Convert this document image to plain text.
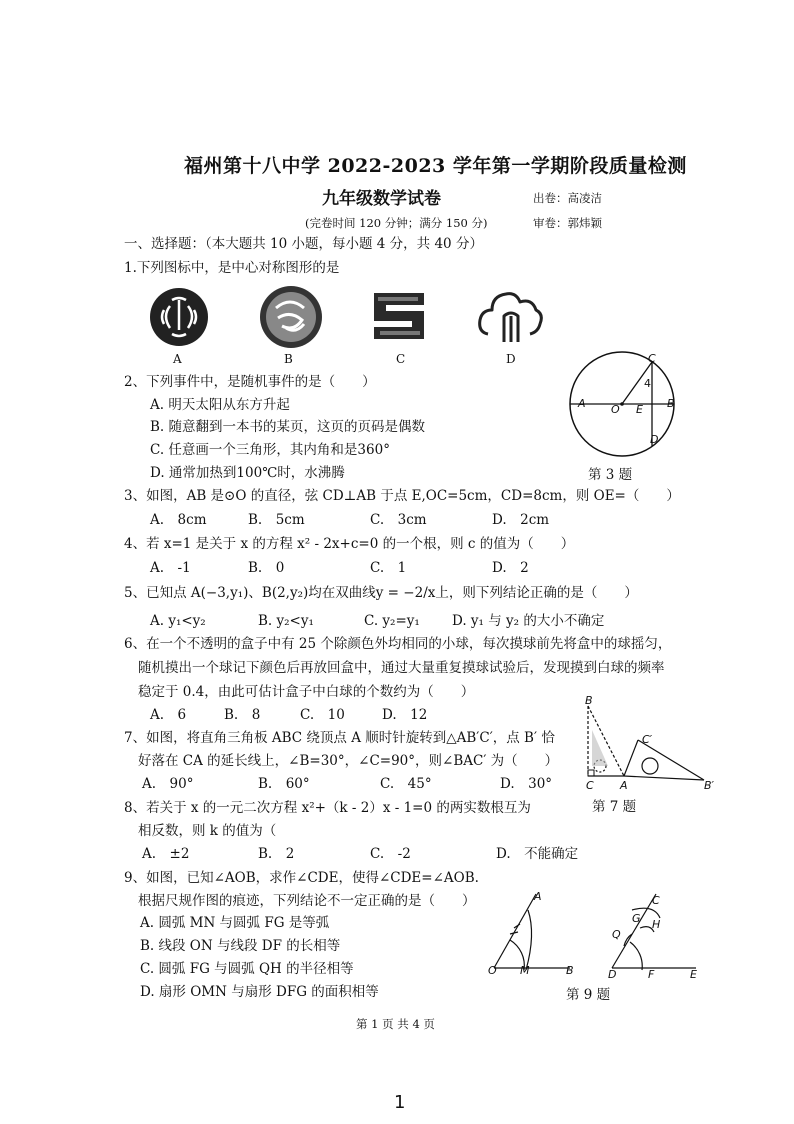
福州第十八中学 2022-2023 学年第一学期阶段质量检测
九年级数学试卷	出卷：高凌洁
(完卷时间 120 分钟；满分 150 分)	审卷：郭炜颖
一、选择题：（本大题共 10 小题，每小题 4 分，共 40 分）
1.下列图标中，是中心对称图形的是
A	B	C	D
2、下列事件中，是随机事件的是（　　）
A. 明天太阳从东方升起
B. 随意翻到一本书的某页，这页的页码是偶数
C. 任意画一个三角形，其内角和是360°
D. 通常加热到100℃时，水沸腾
C
A O E B
D
4
第 3 题
3、如图，AB 是⊙O 的直径，弦 CD⊥AB 于点 E,OC=5cm，CD=8cm，则 OE=（　　）
A.　8cm	B.　5cm	C.　3cm	D.　2cm
4、若 x=1 是关于 x 的方程 x² - 2x+c=0 的一个根，则 c 的值为（　　）
A.　-1	B.　0	C.　1	D.　2
5、已知点 A(−3,y₁)、B(2,y₂)均在双曲线y = −2/x上，则下列结论正确的是（　　）
A. y₁<y₂	B. y₂<y₁	C. y₂=y₁ D. y₁ 与 y₂ 的大小不确定
6、在一个不透明的盒子中有 25 个除颜色外均相同的小球，每次摸球前先将盒中的球摇匀，
随机摸出一个球记下颜色后再放回盒中，通过大量重复摸球试验后，发现摸到白球的频率
稳定于 0.4，由此可估计盒子中白球的个数约为（　　）
A.　6	B.　8	C.　10	D.　12
B
C′
C A	B′
第 7 题
7、如图，将直角三角板 ABC 绕顶点 A 顺时针旋转到△AB′C′，点 B′ 恰
好落在 CA 的延长线上，∠B=30°，∠C=90°，则∠BAC′ 为（　　）
A.　90°	B.　60°	C.　45°	D.　30°
8、若关于 x 的一元二次方程 x²+（k - 2）x - 1=0 的两实数根互为
相反数，则 k 的值为（
A.　±2	B.　2	C.　-2	D.　不能确定
9、如图，已知∠AOB，求作∠CDE，使得∠CDE=∠AOB.
根据尺规作图的痕迹，下列结论不一定正确的是（　　）
A. 圆弧 MN 与圆弧 FG 是等弧
B. 线段 ON 与线段 DF 的长相等
C. 圆弧 FG 与圆弧 QH 的半径相等
D. 扇形 OMN 与扇形 DFG 的面积相等
A
O M	B
C
G H
Q
D	F	E
第 9 题
第 1 页 共 4 页
1
